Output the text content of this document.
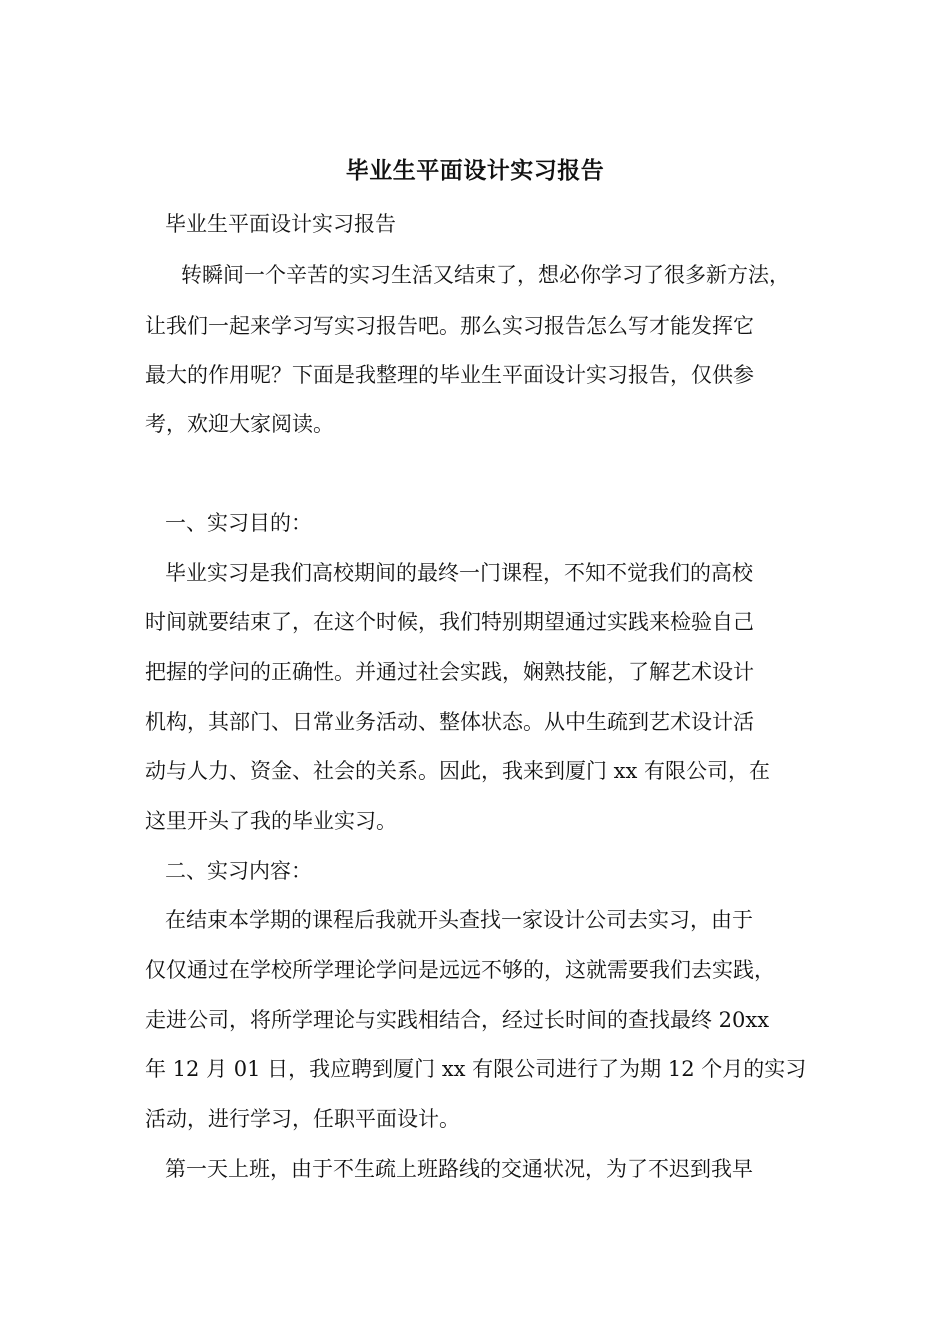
毕业生平面设计实习报告
毕业生平面设计实习报告
转瞬间一个辛苦的实习生活又结束了，想必你学习了很多新方法，
让我们一起来学习写实习报告吧。那么实习报告怎么写才能发挥它
最大的作用呢？下面是我整理的毕业生平面设计实习报告，仅供参
考，欢迎大家阅读。
一、实习目的：
毕业实习是我们高校期间的最终一门课程，不知不觉我们的高校
时间就要结束了，在这个时候，我们特别期望通过实践来检验自己
把握的学问的正确性。并通过社会实践，娴熟技能，了解艺术设计
机构，其部门、日常业务活动、整体状态。从中生疏到艺术设计活
动与人力、资金、社会的关系。因此，我来到厦门 xx 有限公司，在
这里开头了我的毕业实习。
二、实习内容：
在结束本学期的课程后我就开头查找一家设计公司去实习，由于
仅仅通过在学校所学理论学问是远远不够的，这就需要我们去实践，
走进公司，将所学理论与实践相结合，经过长时间的查找最终 20xx
年 12 月 01 日，我应聘到厦门 xx 有限公司进行了为期 12 个月的实习
活动，进行学习，任职平面设计。
第一天上班，由于不生疏上班路线的交通状况，为了不迟到我早
